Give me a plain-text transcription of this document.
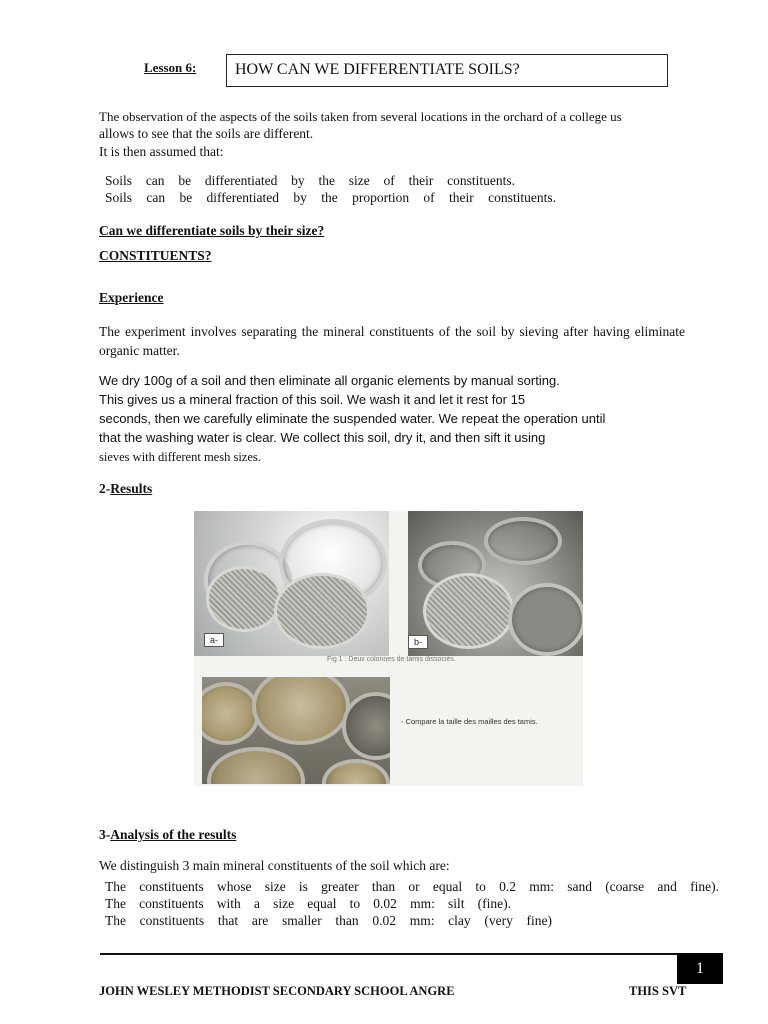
Lesson 6:	HOW CAN WE DIFFERENTIATE SOILS?
The observation of the aspects of the soils taken from several locations in the orchard of a college us
allows to see that the soils are different.
It is then assumed that:
Soils can be differentiated by the size of their constituents.
Soils can be differentiated by the proportion of their constituents.
Can we differentiate soils by their size?
CONSTITUENTS?
Experience
The experiment involves separating the mineral constituents of the soil by sieving after having eliminate organic matter.
We dry 100g of a soil and then eliminate all organic elements by manual sorting.
This gives us a mineral fraction of this soil. We wash it and let it rest for 15
seconds, then we carefully eliminate the suspended water. We repeat the operation until
that the washing water is clear. We collect this soil, dry it, and then sift it using
sieves with different mesh sizes.
2-Results
a-	b-
Fig 1 : Deux colonnes de tamis dissociés.
- Compare la taille des mailles des tamis.
3-Analysis of the results
We distinguish 3 main mineral constituents of the soil which are:
The constituents whose size is greater than or equal to 0.2 mm: sand (coarse and fine).
The constituents with a size equal to 0.02 mm: silt (fine).
The constituents that are smaller than 0.02 mm: clay (very fine)
1
JOHN WESLEY METHODIST SECONDARY SCHOOL ANGRE	THIS SVT
